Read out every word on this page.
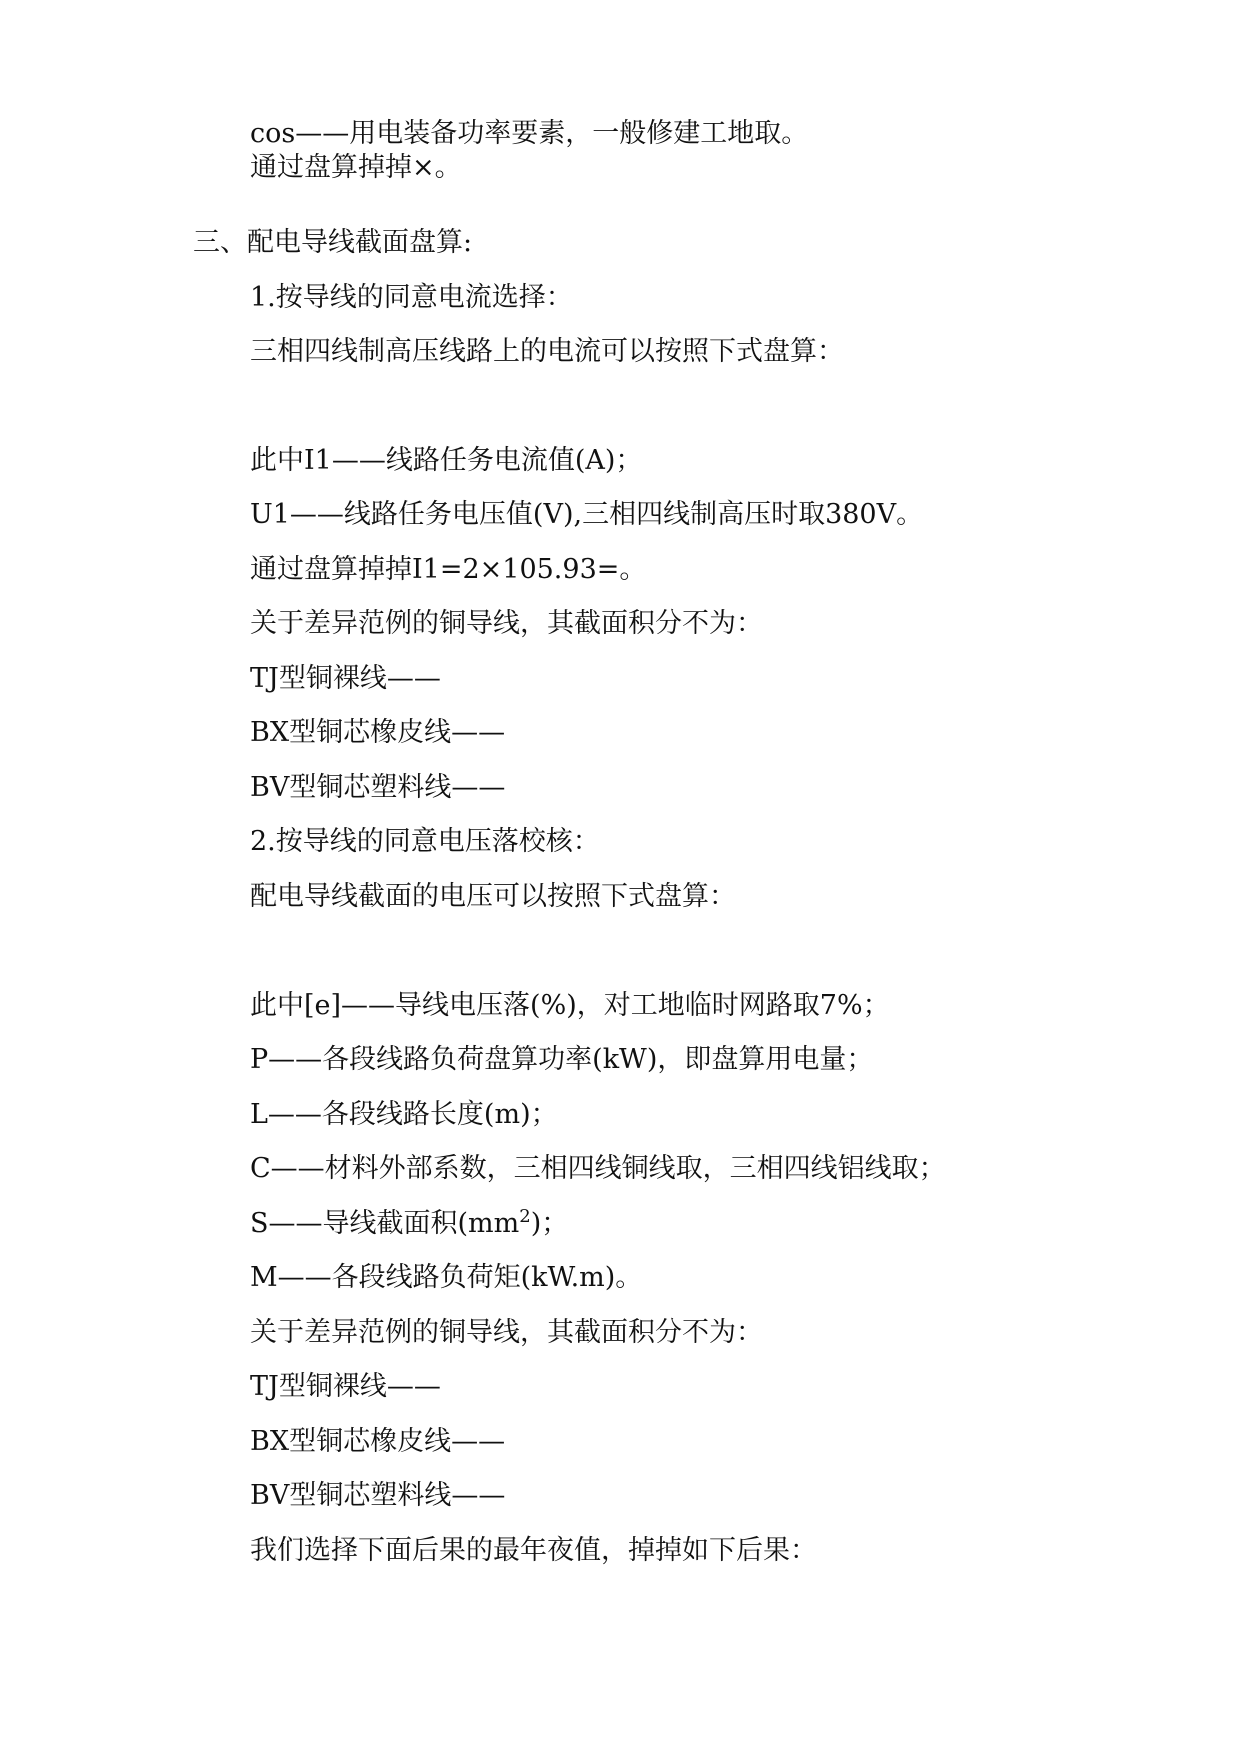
cos——用电装备功率要素，一般修建工地取。
通过盘算掉掉×。
三、配电导线截面盘算:
1.按导线的同意电流选择：
三相四线制高压线路上的电流可以按照下式盘算：
此中I1——线路任务电流值(A)；
U1——线路任务电压值(V),三相四线制高压时取380V。
通过盘算掉掉I1=2×105.93=。
关于差异范例的铜导线，其截面积分不为：
TJ型铜裸线——
BX型铜芯橡皮线——
BV型铜芯塑料线——
2.按导线的同意电压落校核：
配电导线截面的电压可以按照下式盘算：
此中[e]——导线电压落(%)，对工地临时网路取7%；
P——各段线路负荷盘算功率(kW)，即盘算用电量；
L——各段线路长度(m)；
C——材料外部系数，三相四线铜线取，三相四线铝线取；
S——导线截面积$(mm^2)$；
M——各段线路负荷矩(kW.m)。
关于差异范例的铜导线，其截面积分不为：
TJ型铜裸线——
BX型铜芯橡皮线——
BV型铜芯塑料线——
我们选择下面后果的最年夜值，掉掉如下后果：
